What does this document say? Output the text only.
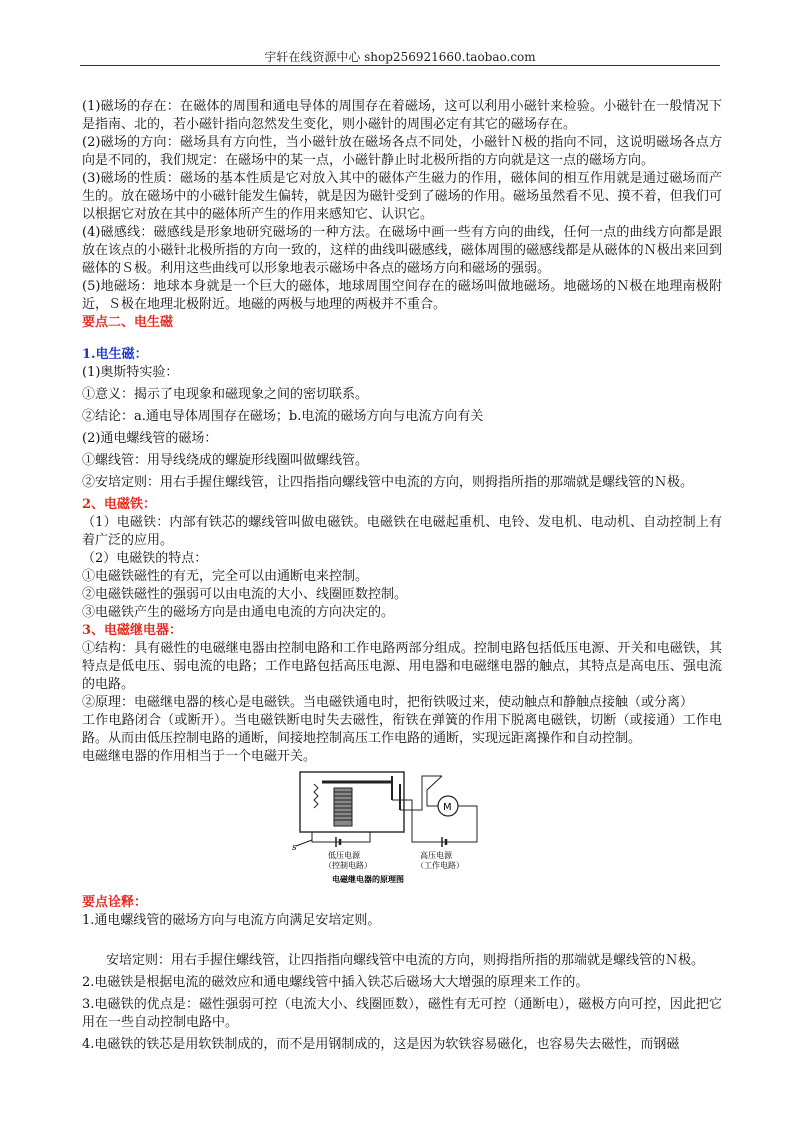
宇轩在线资源中心 shop256921660.taobao.com

(1)磁场的存在：在磁体的周围和通电导体的周围存在着磁场，这可以利用小磁针来检验。小磁针在一般情况下是指南、北的，若小磁针指向忽然发生变化，则小磁针的周围必定有其它的磁场存在。

(2)磁场的方向：磁场具有方向性，当小磁针放在磁场各点不同处，小磁针Ｎ极的指向不同，这说明磁场各点方向是不同的，我们规定：在磁场中的某一点，小磁针静止时北极所指的方向就是这一点的磁场方向。

(3)磁场的性质：磁场的基本性质是它对放入其中的磁体产生磁力的作用，磁体间的相互作用就是通过磁场而产生的。放在磁场中的小磁针能发生偏转，就是因为磁针受到了磁场的作用。磁场虽然看不见、摸不着，但我们可以根据它对放在其中的磁体所产生的作用来感知它、认识它。

(4)磁感线：磁感线是形象地研究磁场的一种方法。在磁场中画一些有方向的曲线，任何一点的曲线方向都是跟放在该点的小磁针北极所指的方向一致的，这样的曲线叫磁感线，磁体周围的磁感线都是从磁体的Ｎ极出来回到磁体的Ｓ极。利用这些曲线可以形象地表示磁场中各点的磁场方向和磁场的强弱。

(5)地磁场：地球本身就是一个巨大的磁体，地球周围空间存在的磁场叫做地磁场。地磁场的Ｎ极在地理南极附近，Ｓ极在地理北极附近。地磁的两极与地理的两极并不重合。

要点二、电生磁

1.电生磁：

(1)奥斯特实验：

①意义：揭示了电现象和磁现象之间的密切联系。

②结论：a.通电导体周围存在磁场；b.电流的磁场方向与电流方向有关

(2)通电螺线管的磁场：

①螺线管：用导线绕成的螺旋形线圈叫做螺线管。

②安培定则：用右手握住螺线管，让四指指向螺线管中电流的方向，则拇指所指的那端就是螺线管的Ｎ极。

2、电磁铁：

（1）电磁铁：内部有铁芯的螺线管叫做电磁铁。电磁铁在电磁起重机、电铃、发电机、电动机、自动控制上有着广泛的应用。

（2）电磁铁的特点：

①电磁铁磁性的有无，完全可以由通断电来控制。

②电磁铁磁性的强弱可以由电流的大小、线圈匝数控制。

③电磁铁产生的磁场方向是由通电电流的方向决定的。

3、电磁继电器：

①结构：具有磁性的电磁继电器由控制电路和工作电路两部分组成。控制电路包括低压电源、开关和电磁铁，其特点是低电压、弱电流的电路；工作电路包括高压电源、用电器和电磁继电器的触点，其特点是高电压、强电流的电路。

②原理：电磁继电器的核心是电磁铁。当电磁铁通电时，把衔铁吸过来，使动触点和静触点接触（或分离）

工作电路闭合（或断开）。当电磁铁断电时失去磁性，衔铁在弹簧的作用下脱离电磁铁，切断（或接通）工作电路。从而由低压控制电路的通断，间接地控制高压工作电路的通断，实现远距离操作和自动控制。

电磁继电器的作用相当于一个电磁开关。

s
M
低压电源
（控制电路）
高压电源
（工作电路）
电磁继电器的原理图

要点诠释：

1.通电螺线管的磁场方向与电流方向满足安培定则。

安培定则：用右手握住螺线管，让四指指向螺线管中电流的方向，则拇指所指的那端就是螺线管的Ｎ极。

2.电磁铁是根据电流的磁效应和通电螺线管中插入铁芯后磁场大大增强的原理来工作的。

3.电磁铁的优点是：磁性强弱可控（电流大小、线圈匝数），磁性有无可控（通断电），磁极方向可控，因此把它用在一些自动控制电路中。

4.电磁铁的铁芯是用软铁制成的，而不是用钢制成的，这是因为软铁容易磁化，也容易失去磁性，而钢磁
